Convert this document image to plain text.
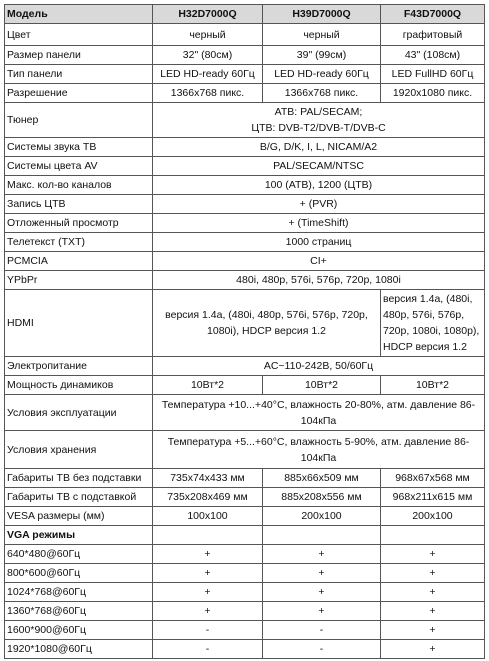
Модель	H32D7000Q	H39D7000Q	F43D7000Q
Цвет	черный	черный	графитовый
Размер панели	32" (80см)	39" (99см)	43" (108см)
Тип панели	LED HD-ready 60Гц	LED HD-ready 60Гц	LED FullHD 60Гц
Разрешение	1366x768 пикс.	1366x768 пикс.	1920x1080 пикс.
Тюнер	АТВ: PAL/SECAM;
ЦТВ: DVB-T2/DVB-T/DVB-C		
Системы звука ТВ	B/G, D/K, I, L, NICAM/A2		
Системы цвета AV	PAL/SECAM/NTSC		
Макс. кол-во каналов	100 (АТВ), 1200 (ЦТВ)		
Запись ЦТВ	+ (PVR)		
Отложенный просмотр	+ (TimeShift)		
Телетекст (TXT)	1000 страниц		
PCMCIA	CI+		
YPbPr	480i, 480p, 576i, 576p, 720p, 1080i		
HDMI	версия 1.4a, (480i, 480p, 576i, 576p, 720p, 1080i), HDCP версия 1.2		версия 1.4a, (480i, 480p, 576i, 576p, 720p, 1080i, 1080p), HDCP версия 1.2
Электропитание	AC~110-242В, 50/60Гц		
Мощность динамиков	10Вт*2	10Вт*2	10Вт*2
Условия эксплуатации	Температура +10...+40°C, влажность 20-80%, атм. давление 86-104кПа		
Условия хранения	Температура +5...+60°C, влажность 5-90%, атм. давление 86-104кПа		
Габариты ТВ без подставки	735x74x433 мм	885x66x509 мм	968x67x568 мм
Габариты ТВ с подставкой	735x208x469 мм	885x208x556 мм	968x211x615 мм
VESA размеры (мм)	100x100	200x100	200x100
VGA режимы			
640*480@60Гц	+	+	+
800*600@60Гц	+	+	+
1024*768@60Гц	+	+	+
1360*768@60Гц	+	+	+
1600*900@60Гц	-	-	+
1920*1080@60Гц	-	-	+
